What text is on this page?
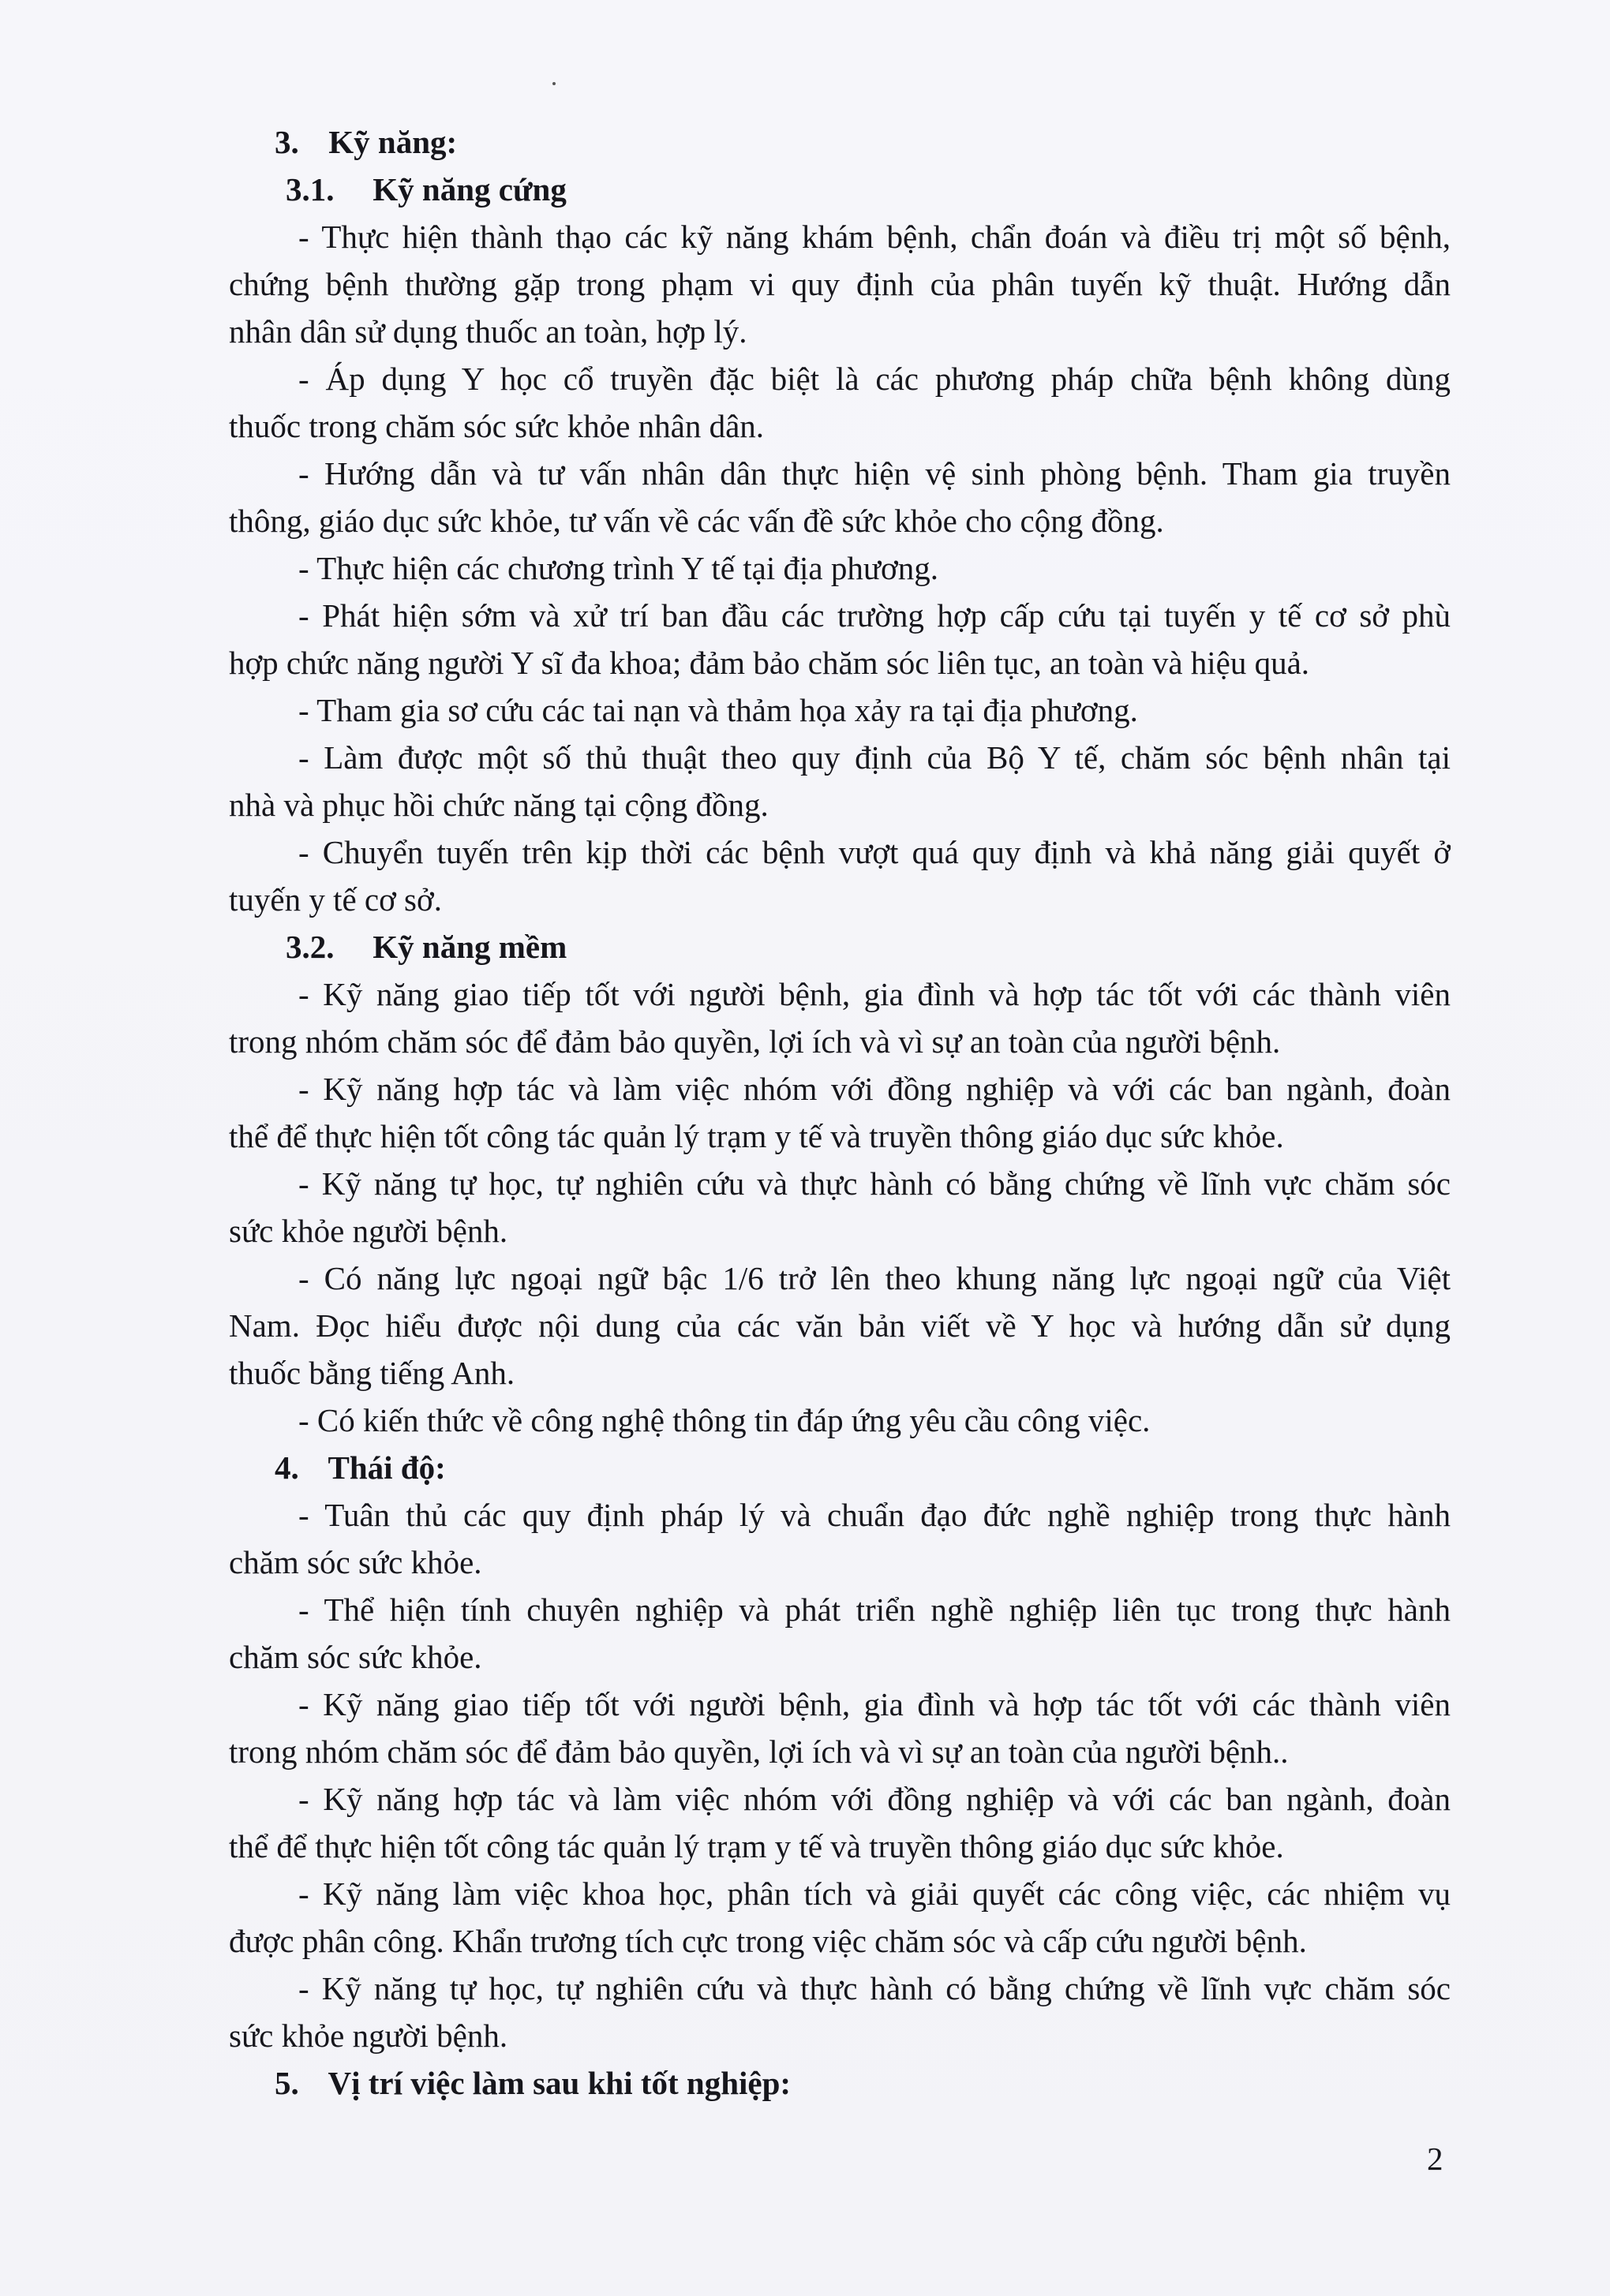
3. Kỹ năng:
3.1. Kỹ năng cứng
- Thực hiện thành thạo các kỹ năng khám bệnh, chẩn đoán và điều trị một số bệnh,
chứng bệnh thường gặp trong phạm vi quy định của phân tuyến kỹ thuật. Hướng dẫn
nhân dân sử dụng thuốc an toàn, hợp lý.
- Áp dụng Y học cổ truyền đặc biệt là các phương pháp chữa bệnh không dùng
thuốc trong chăm sóc sức khỏe nhân dân.
- Hướng dẫn và tư vấn nhân dân thực hiện vệ sinh phòng bệnh. Tham gia truyền
thông, giáo dục sức khỏe, tư vấn về các vấn đề sức khỏe cho cộng đồng.
- Thực hiện các chương trình Y tế tại địa phương.
- Phát hiện sớm và xử trí ban đầu các trường hợp cấp cứu tại tuyến y tế cơ sở phù
hợp chức năng người Y sĩ đa khoa; đảm bảo chăm sóc liên tục, an toàn và hiệu quả.
- Tham gia sơ cứu các tai nạn và thảm họa xảy ra tại địa phương.
- Làm được một số thủ thuật theo quy định của Bộ Y tế, chăm sóc bệnh nhân tại
nhà và phục hồi chức năng tại cộng đồng.
- Chuyển tuyến trên kịp thời các bệnh vượt quá quy định và khả năng giải quyết ở
tuyến y tế cơ sở.
3.2. Kỹ năng mềm
- Kỹ năng giao tiếp tốt với người bệnh, gia đình và hợp tác tốt với các thành viên
trong nhóm chăm sóc để đảm bảo quyền, lợi ích và vì sự an toàn của người bệnh.
- Kỹ năng hợp tác và làm việc nhóm với đồng nghiệp và với các ban ngành, đoàn
thể để thực hiện tốt công tác quản lý trạm y tế và truyền thông giáo dục sức khỏe.
- Kỹ năng tự học, tự nghiên cứu và thực hành có bằng chứng về lĩnh vực chăm sóc
sức khỏe người bệnh.
- Có năng lực ngoại ngữ bậc 1/6 trở lên theo khung năng lực ngoại ngữ của Việt
Nam. Đọc hiểu được nội dung của các văn bản viết về Y học và hướng dẫn sử dụng
thuốc bằng tiếng Anh.
- Có kiến thức về công nghệ thông tin đáp ứng yêu cầu công việc.
4. Thái độ:
- Tuân thủ các quy định pháp lý và chuẩn đạo đức nghề nghiệp trong thực hành
chăm sóc sức khỏe.
- Thể hiện tính chuyên nghiệp và phát triển nghề nghiệp liên tục trong thực hành
chăm sóc sức khỏe.
- Kỹ năng giao tiếp tốt với người bệnh, gia đình và hợp tác tốt với các thành viên
trong nhóm chăm sóc để đảm bảo quyền, lợi ích và vì sự an toàn của người bệnh..
- Kỹ năng hợp tác và làm việc nhóm với đồng nghiệp và với các ban ngành, đoàn
thể để thực hiện tốt công tác quản lý trạm y tế và truyền thông giáo dục sức khỏe.
- Kỹ năng làm việc khoa học, phân tích và giải quyết các công việc, các nhiệm vụ
được phân công. Khẩn trương tích cực trong việc chăm sóc và cấp cứu người bệnh.
- Kỹ năng tự học, tự nghiên cứu và thực hành có bằng chứng về lĩnh vực chăm sóc
sức khỏe người bệnh.
5. Vị trí việc làm sau khi tốt nghiệp:
2
